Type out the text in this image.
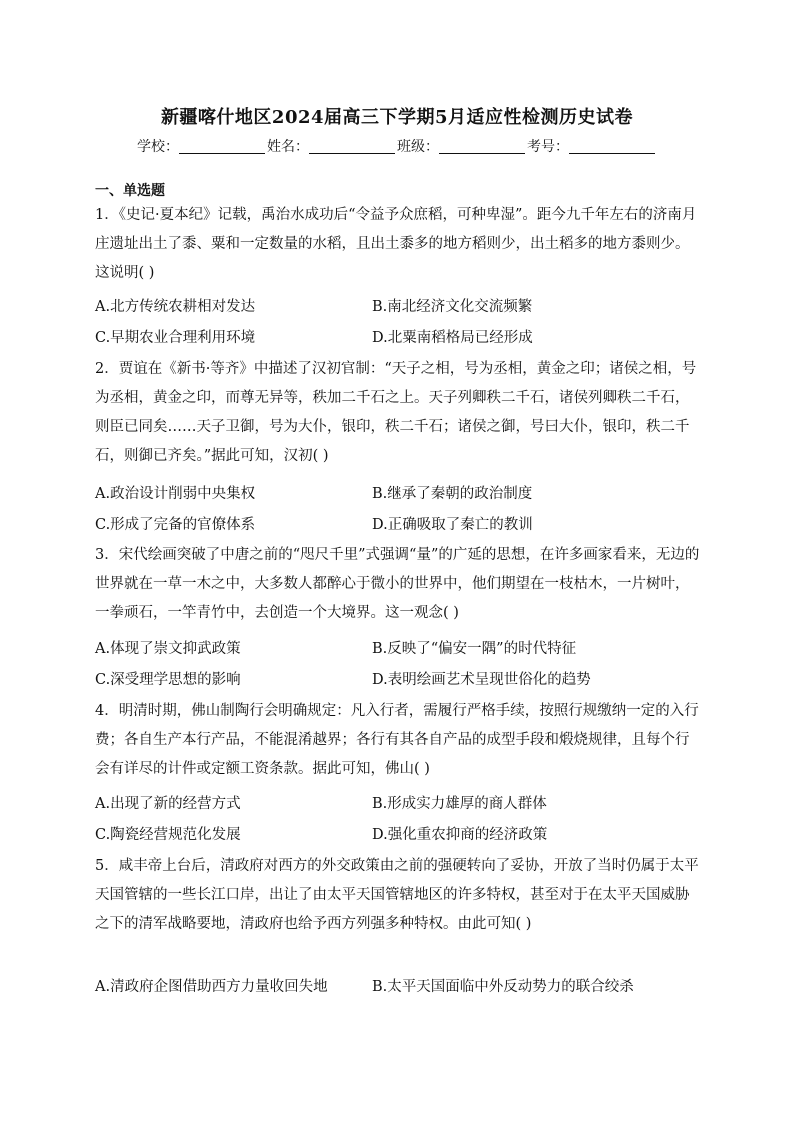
新疆喀什地区2024届高三下学期5月适应性检测历史试卷
学校：	姓名：	班级：	考号：
一、单选题
1．《史记·夏本纪》记载，禹治水成功后“令益予众庶稻，可种卑湿”。距今九千年左右的济南月庄遗址出土了黍、粟和一定数量的水稻，且出土黍多的地方稻则少，出土稻多的地方黍则少。这说明( )
A.北方传统农耕相对发达	B.南北经济文化交流频繁
C.早期农业合理利用环境	D.北粟南稻格局已经形成
2．贾谊在《新书·等齐》中描述了汉初官制：“天子之相，号为丞相，黄金之印；诸侯之相，号为丞相，黄金之印，而尊无异等，秩加二千石之上。天子列卿秩二千石，诸侯列卿秩二千石，则臣已同矣……天子卫御，号为大仆，银印，秩二千石；诸侯之御，号曰大仆，银印，秩二千石，则御已齐矣。”据此可知，汉初( )
A.政治设计削弱中央集权	B.继承了秦朝的政治制度
C.形成了完备的官僚体系	D.正确吸取了秦亡的教训
3．宋代绘画突破了中唐之前的“咫尺千里”式强调“量”的广延的思想，在许多画家看来，无边的世界就在一草一木之中，大多数人都醉心于微小的世界中，他们期望在一枝枯木，一片树叶，一拳顽石，一竿青竹中，去创造一个大境界。这一观念( )
A.体现了崇文抑武政策	B.反映了“偏安一隅”的时代特征
C.深受理学思想的影响	D.表明绘画艺术呈现世俗化的趋势
4．明清时期，佛山制陶行会明确规定：凡入行者，需履行严格手续，按照行规缴纳一定的入行费；各自生产本行产品，不能混淆越界；各行有其各自产品的成型手段和煅烧规律，且每个行会有详尽的计件或定额工资条款。据此可知，佛山( )
A.出现了新的经营方式	B.形成实力雄厚的商人群体
C.陶瓷经营规范化发展	D.强化重农抑商的经济政策
5．咸丰帝上台后，清政府对西方的外交政策由之前的强硬转向了妥协，开放了当时仍属于太平天国管辖的一些长江口岸，出让了由太平天国管辖地区的许多特权，甚至对于在太平天国威胁之下的清军战略要地，清政府也给予西方列强多种特权。由此可知( )
A.清政府企图借助西方力量收回失地	B.太平天国面临中外反动势力的联合绞杀
